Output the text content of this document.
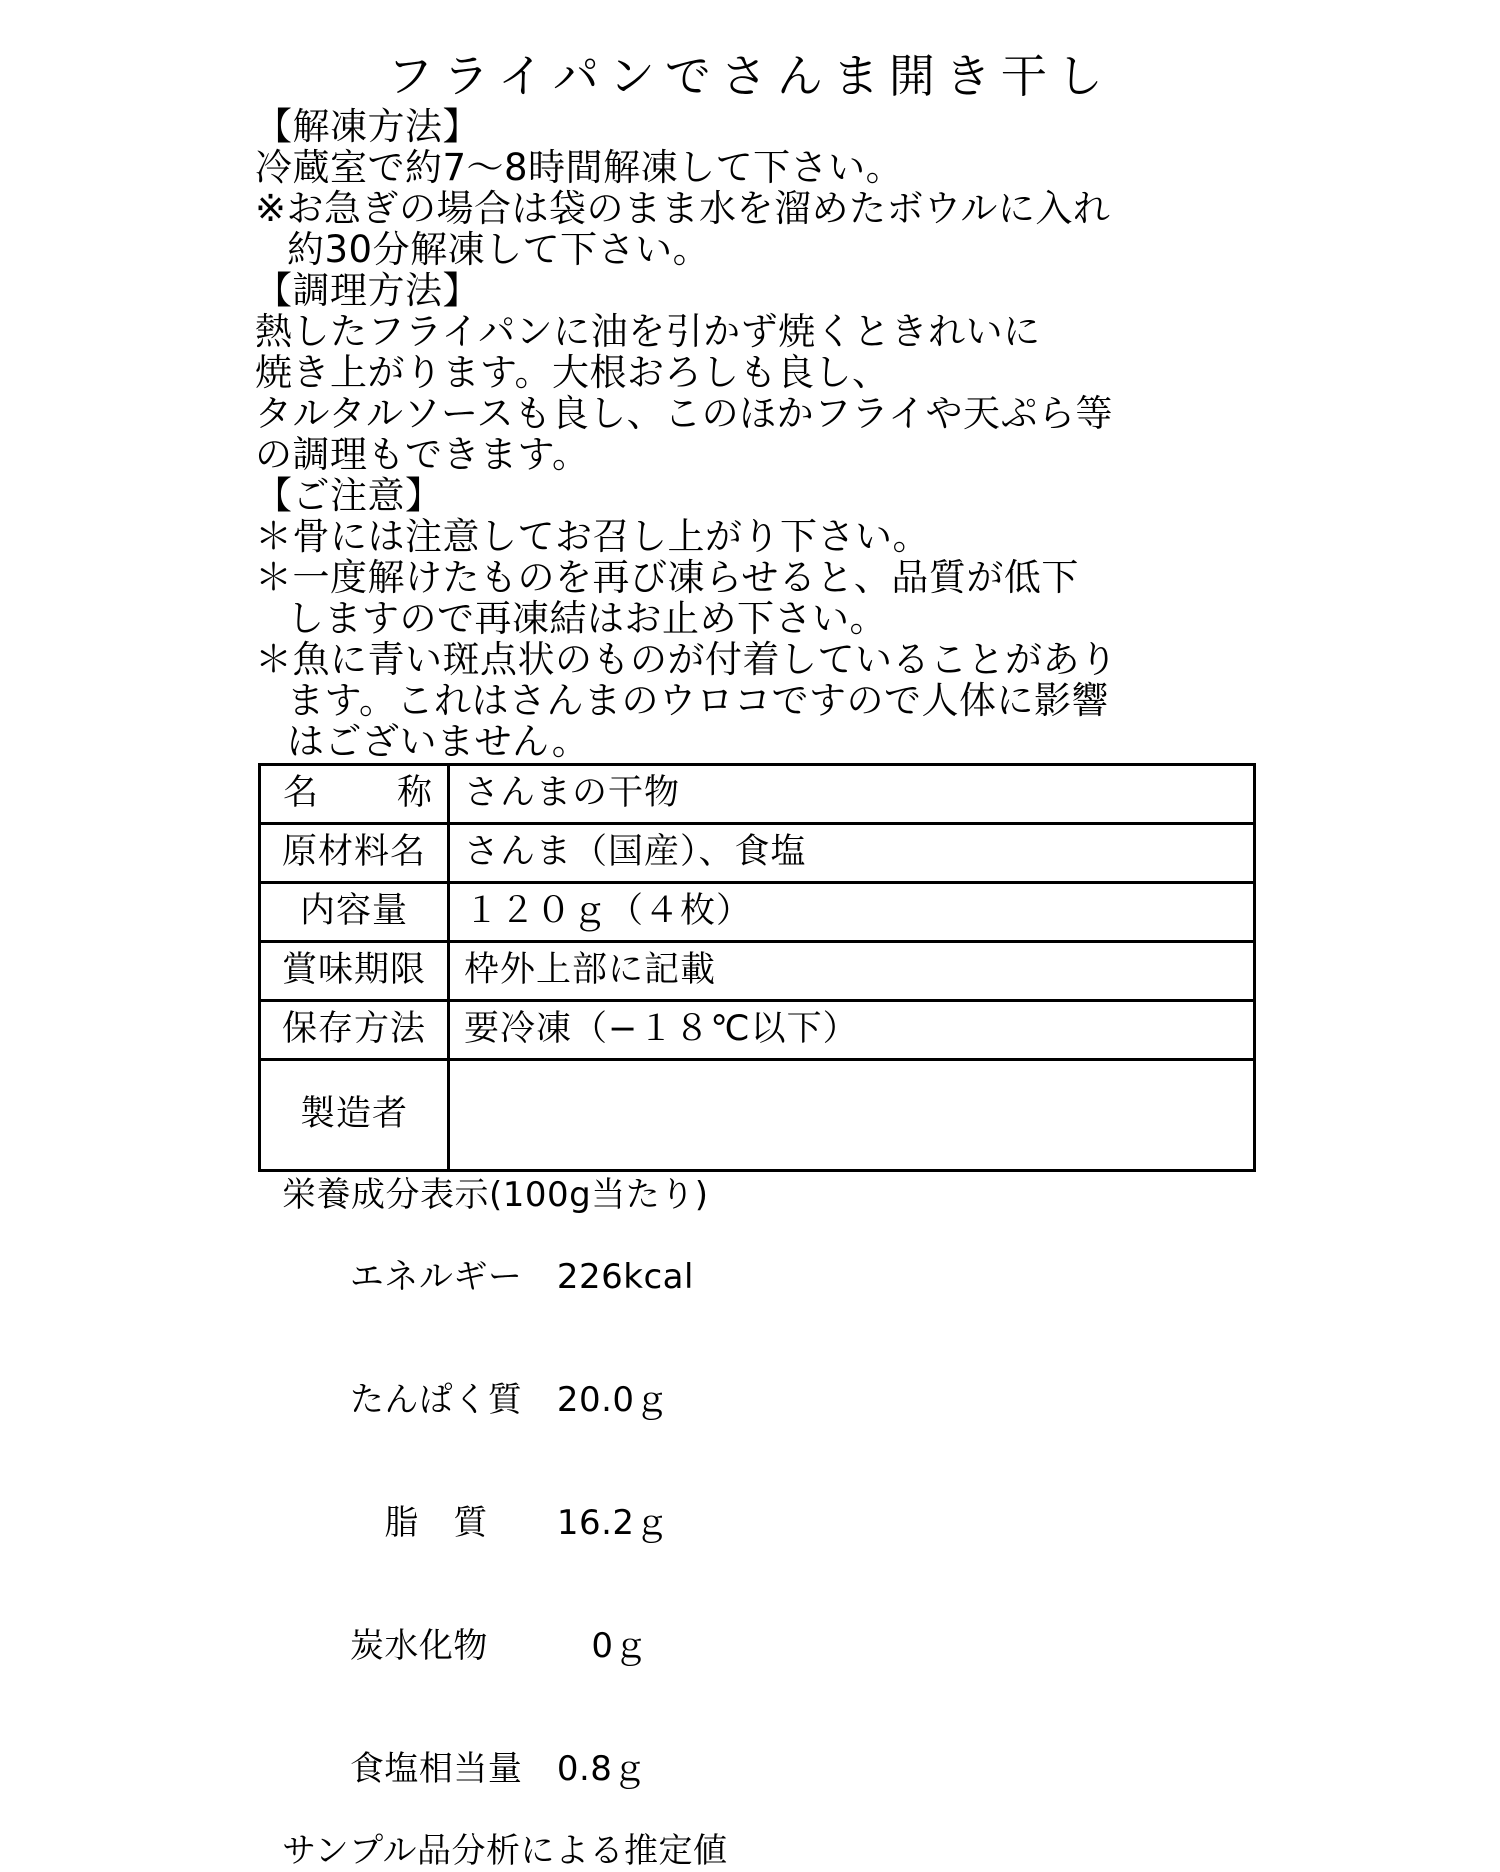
フライパンでさんま開き干し
【解凍方法】
冷蔵室で約7〜8時間解凍して下さい。
※お急ぎの場合は袋のまま水を溜めたボウルに入れ
約30分解凍して下さい。
【調理方法】
熱したフライパンに油を引かず焼くときれいに
焼き上がります。大根おろしも良し、
タルタルソースも良し、このほかフライや天ぷら等
の調理もできます。
【ご注意】
＊骨には注意してお召し上がり下さい。
＊一度解けたものを再び凍らせると、品質が低下
しますので再凍結はお止め下さい。
＊魚に青い斑点状のものが付着していることがあり
ます。これはさんまのウロコですので人体に影響
はございません。
名　称	さんまの干物
原材料名	さんま（国産）、食塩
内容量	１２０ｇ（４枚）
賞味期限	枠外上部に記載
保存方法	要冷凍（−１８℃以下）
製造者	
栄養成分表示(100g当たり)

エネルギー　 226kcal

たんぱく質　 20.0ｇ

　脂　質　　 16.2ｇ

炭水化物　　　	0ｇ

食塩相当量　 0.8ｇ

サンプル品分析による推定値
